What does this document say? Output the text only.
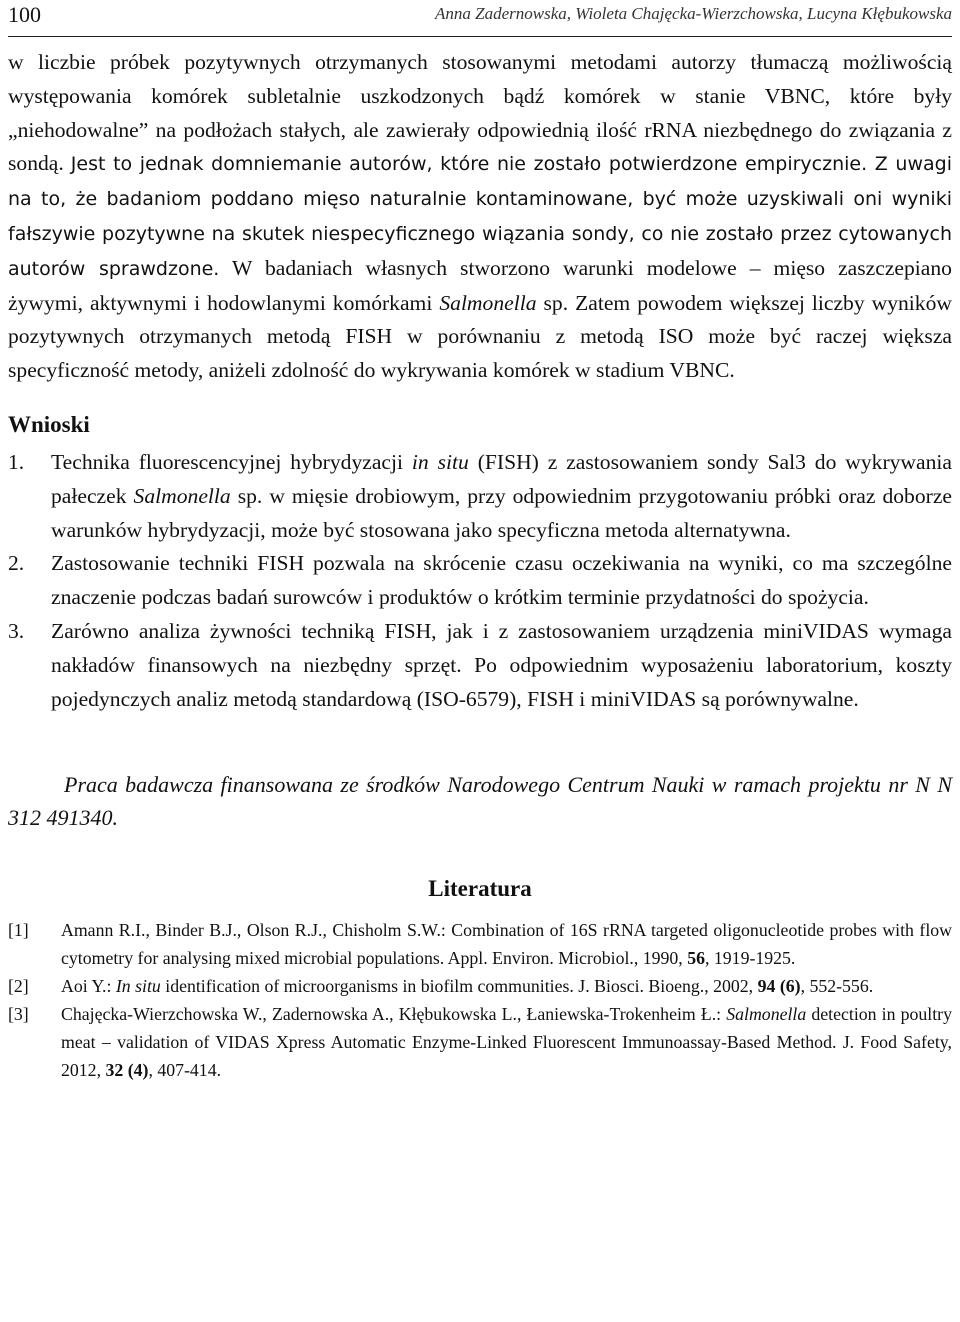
100	Anna Zadernowska, Wioleta Chajęcka-Wierzchowska, Lucyna Kłębukowska

w liczbie próbek pozytywnych otrzymanych stosowanymi metodami autorzy tłumaczą możliwością występowania komórek subletalnie uszkodzonych bądź komórek w stanie VBNC, które były „niehodowalne” na podłożach stałych, ale zawierały odpowiednią ilość rRNA niezbędnego do związania z sondą. Jest to jednak domniemanie autorów, które nie zostało potwierdzone empirycznie. Z uwagi na to, że badaniom poddano mięso naturalnie kontaminowane, być może uzyskiwali oni wyniki fałszywie pozytywne na skutek niespecyficznego wiązania sondy, co nie zostało przez cytowanych autorów sprawdzone. W badaniach własnych stworzono warunki modelowe – mięso zaszczepiano żywymi, aktywnymi i hodowlanymi komórkami Salmonella sp. Zatem powodem większej liczby wyników pozytywnych otrzymanych metodą FISH w porównaniu z metodą ISO może być raczej większa specyficzność metody, aniżeli zdolność do wykrywania komórek w stadium VBNC.

Wnioski
1. Technika fluorescencyjnej hybrydyzacji in situ (FISH) z zastosowaniem sondy Sal3 do wykrywania pałeczek Salmonella sp. w mięsie drobiowym, przy odpowiednim przygotowaniu próbki oraz doborze warunków hybrydyzacji, może być stosowana jako specyficzna metoda alternatywna.
2. Zastosowanie techniki FISH pozwala na skrócenie czasu oczekiwania na wyniki, co ma szczególne znaczenie podczas badań surowców i produktów o krótkim terminie przydatności do spożycia.
3. Zarówno analiza żywności techniką FISH, jak i z zastosowaniem urządzenia miniVIDAS wymaga nakładów finansowych na niezbędny sprzęt. Po odpowiednim wyposażeniu laboratorium, koszty pojedynczych analiz metodą standardową (ISO-6579), FISH i miniVIDAS są porównywalne.

Praca badawcza finansowana ze środków Narodowego Centrum Nauki w ramach projektu nr N N 312 491340.

Literatura
[1] Amann R.I., Binder B.J., Olson R.J., Chisholm S.W.: Combination of 16S rRNA targeted oligonucleotide probes with flow cytometry for analysing mixed microbial populations. Appl. Environ. Microbiol., 1990, 56, 1919-1925.
[2] Aoi Y.: In situ identification of microorganisms in biofilm communities. J. Biosci. Bioeng., 2002, 94 (6), 552-556.
[3] Chajęcka-Wierzchowska W., Zadernowska A., Kłębukowska L., Łaniewska-Trokenheim Ł.: Salmonella detection in poultry meat – validation of VIDAS Xpress Automatic Enzyme-Linked Fluorescent Immunoassay-Based Method. J. Food Safety, 2012, 32 (4), 407-414.
